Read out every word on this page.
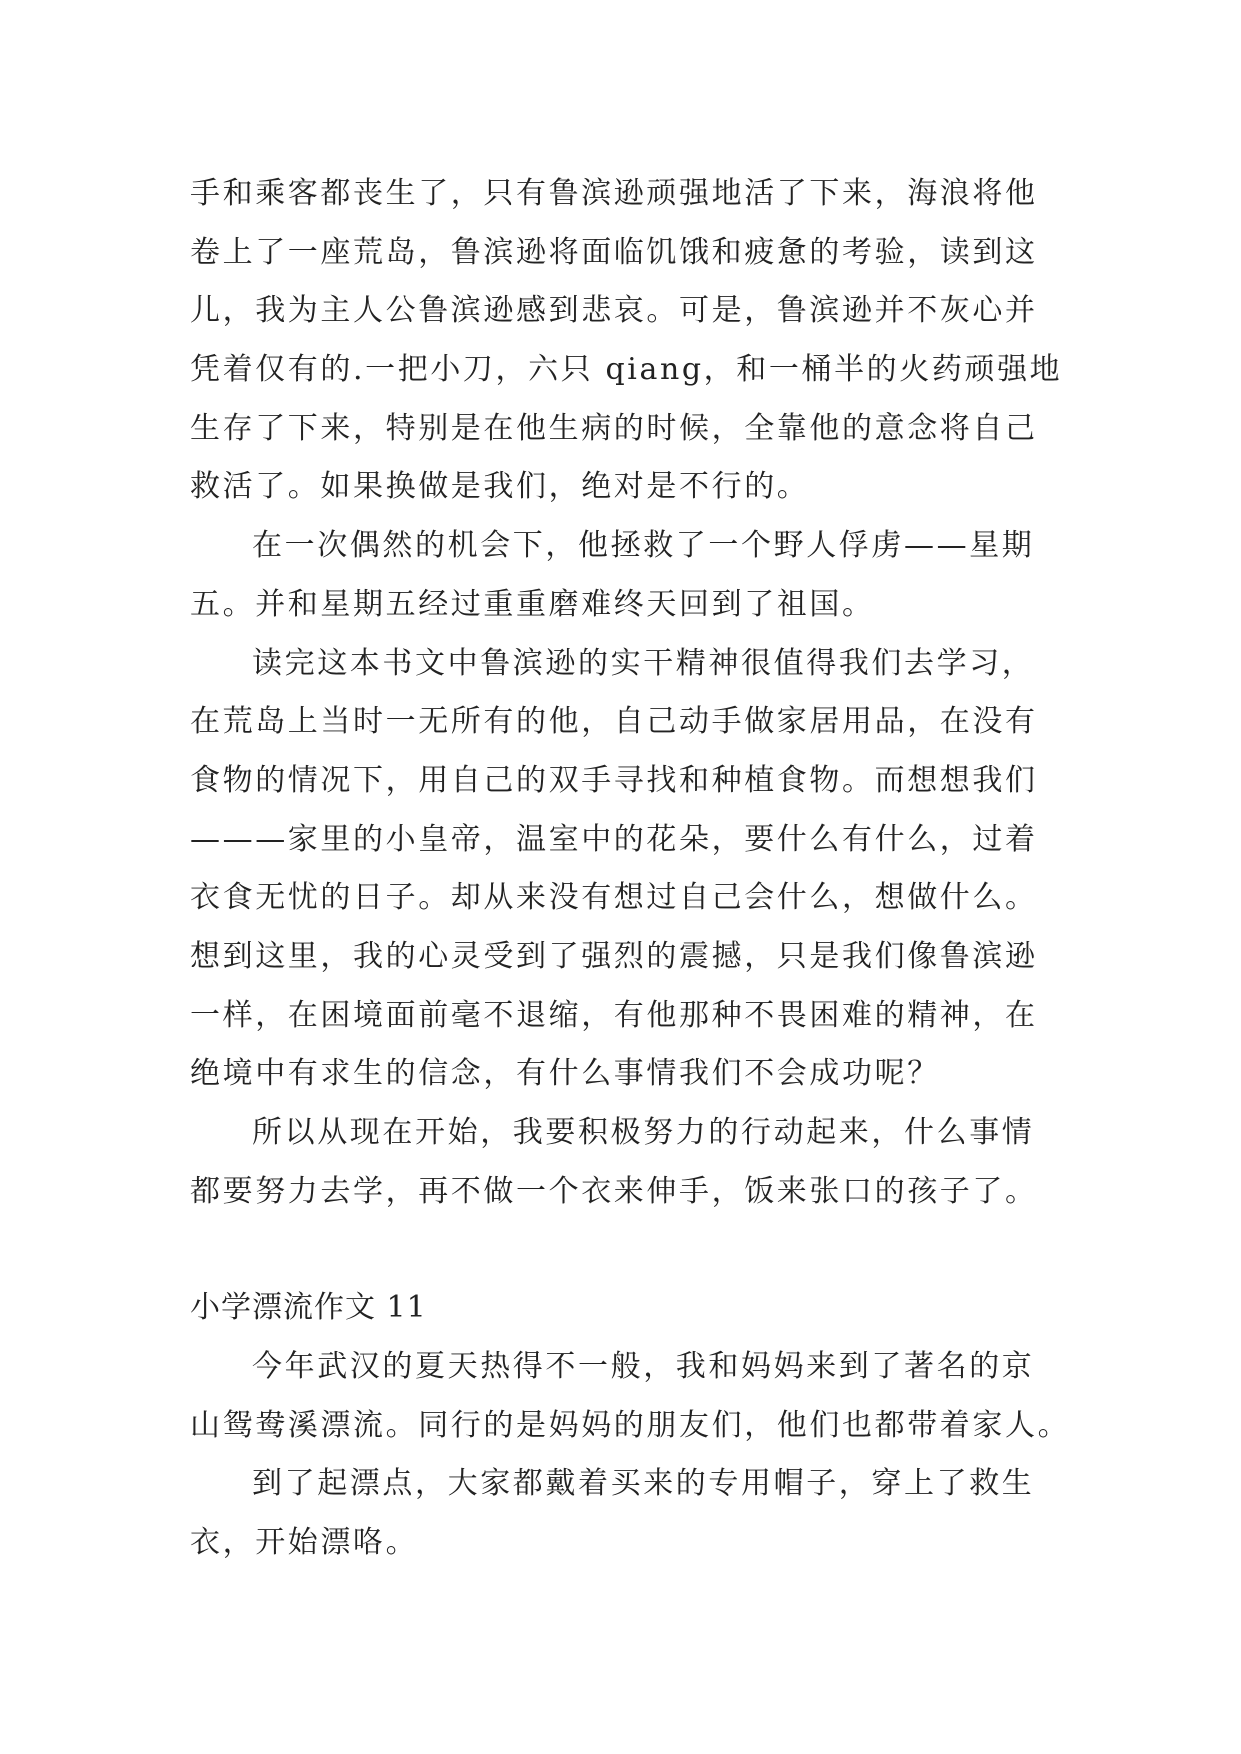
手和乘客都丧生了，只有鲁滨逊顽强地活了下来，海浪将他
卷上了一座荒岛，鲁滨逊将面临饥饿和疲惫的考验，读到这
儿，我为主人公鲁滨逊感到悲哀。可是，鲁滨逊并不灰心并
凭着仅有的.一把小刀，六只 qiang，和一桶半的火药顽强地
生存了下来，特别是在他生病的时候，全靠他的意念将自己
救活了。如果换做是我们，绝对是不行的。
在一次偶然的机会下，他拯救了一个野人俘虏——星期
五。并和星期五经过重重磨难终天回到了祖国。
读完这本书文中鲁滨逊的实干精神很值得我们去学习，
在荒岛上当时一无所有的他，自己动手做家居用品，在没有
食物的情况下，用自己的双手寻找和种植食物。而想想我们
———家里的小皇帝，温室中的花朵，要什么有什么，过着
衣食无忧的日子。却从来没有想过自己会什么，想做什么。
想到这里，我的心灵受到了强烈的震撼，只是我们像鲁滨逊
一样，在困境面前毫不退缩，有他那种不畏困难的精神，在
绝境中有求生的信念，有什么事情我们不会成功呢？
所以从现在开始，我要积极努力的行动起来，什么事情
都要努力去学，再不做一个衣来伸手，饭来张口的孩子了。
小学漂流作文 11
今年武汉的夏天热得不一般，我和妈妈来到了著名的京
山鸳鸯溪漂流。同行的是妈妈的朋友们，他们也都带着家人。
到了起漂点，大家都戴着买来的专用帽子，穿上了救生
衣，开始漂咯。
